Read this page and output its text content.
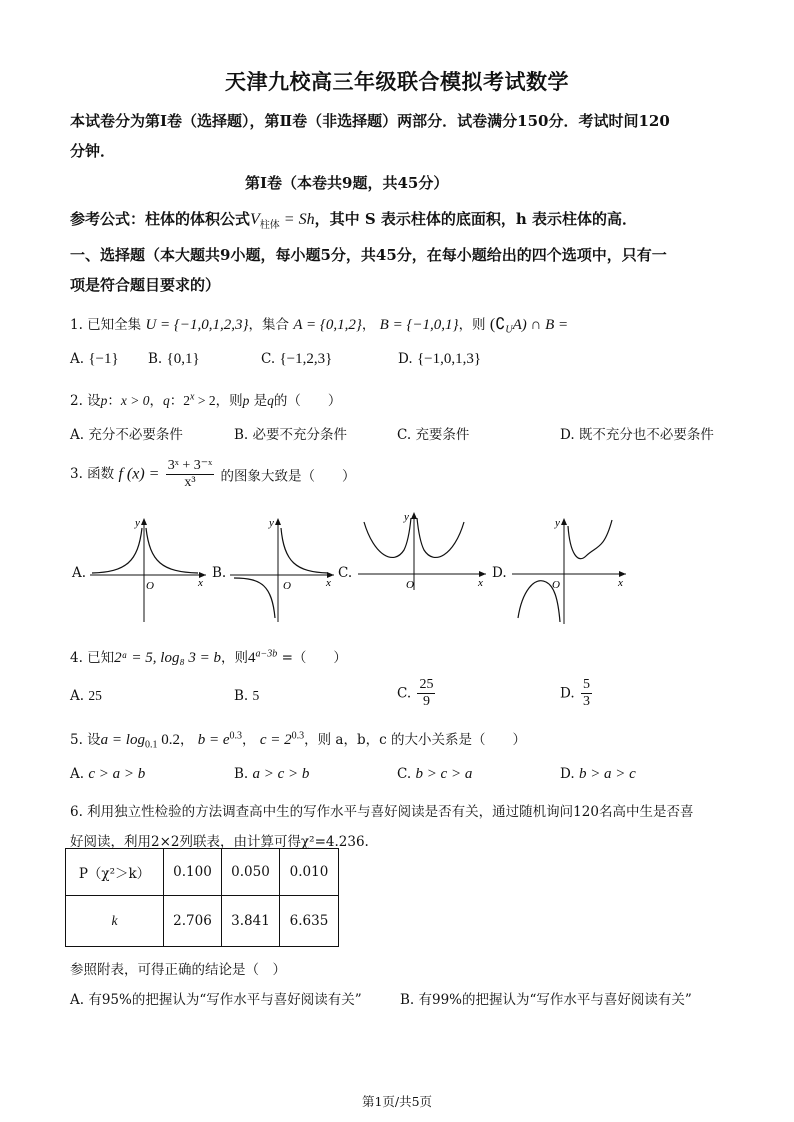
天津九校高三年级联合模拟考试数学
本试卷分为第Ⅰ卷（选择题），第Ⅱ卷（非选择题）两部分．试卷满分150分．考试时间120
分钟．
第Ⅰ卷（本卷共9题，共45分）
参考公式：柱体的体积公式$V_{柱体} = Sh$，其中 S 表示柱体的底面积，h 表示柱体的高．
一、选择题（本大题共9小题，每小题5分，共45分，在每小题给出的四个选项中，只有一
项是符合题目要求的）
1. 已知全集 U = {−1,0,1,2,3}，集合 A = {0,1,2}， B = {−1,0,1}，则 $(∁_UA)$ ∩ B =
A. {−1} B. {0,1}	C. {−1,2,3}	D. {−1,0,1,3}
2. 设p：x > 0，q：$2^x > 2$，则p 是q的（　　）
A. 充分不必要条件	B. 必要不充分条件	C. 充要条件	D. 既不充分也不必要条件
3. 函数 f $(x) = \frac{\text{3ˣ + 3⁻ˣ}}{\text{x³}}$ 的图象大致是（　　）
A.	B.	C.	D.
y
x
O
y
x
O
y
x
O
y
x
O
4. 已知2ᵃ = 5, log₈ 3 = b，则$4^{a-3b}$ =（　　）
A. 25	B. 5	C. $\frac{25}{9}$	D. $\frac{5}{3}$
5. 设$a = \log_{0.1} 0.2$， $b = e^{0.3}$， $c = 2^{0.3}$，则 a，b，c 的大小关系是（　　）
A. c > a > b	B. a > c > b	C. b > c > a	D. b > a > c
6. 利用独立性检验的方法调查高中生的写作水平与喜好阅读是否有关，通过随机询问120名高中生是否喜
好阅读，利用2×2列联表，由计算可得χ²=4.236.
P（χ²＞k）	0.100	0.050	0.010
k	2.706	3.841	6.635
参照附表，可得正确的结论是（　）
A. 有95%的把握认为“写作水平与喜好阅读有关”	B. 有99%的把握认为“写作水平与喜好阅读有关”
第1页/共5页
